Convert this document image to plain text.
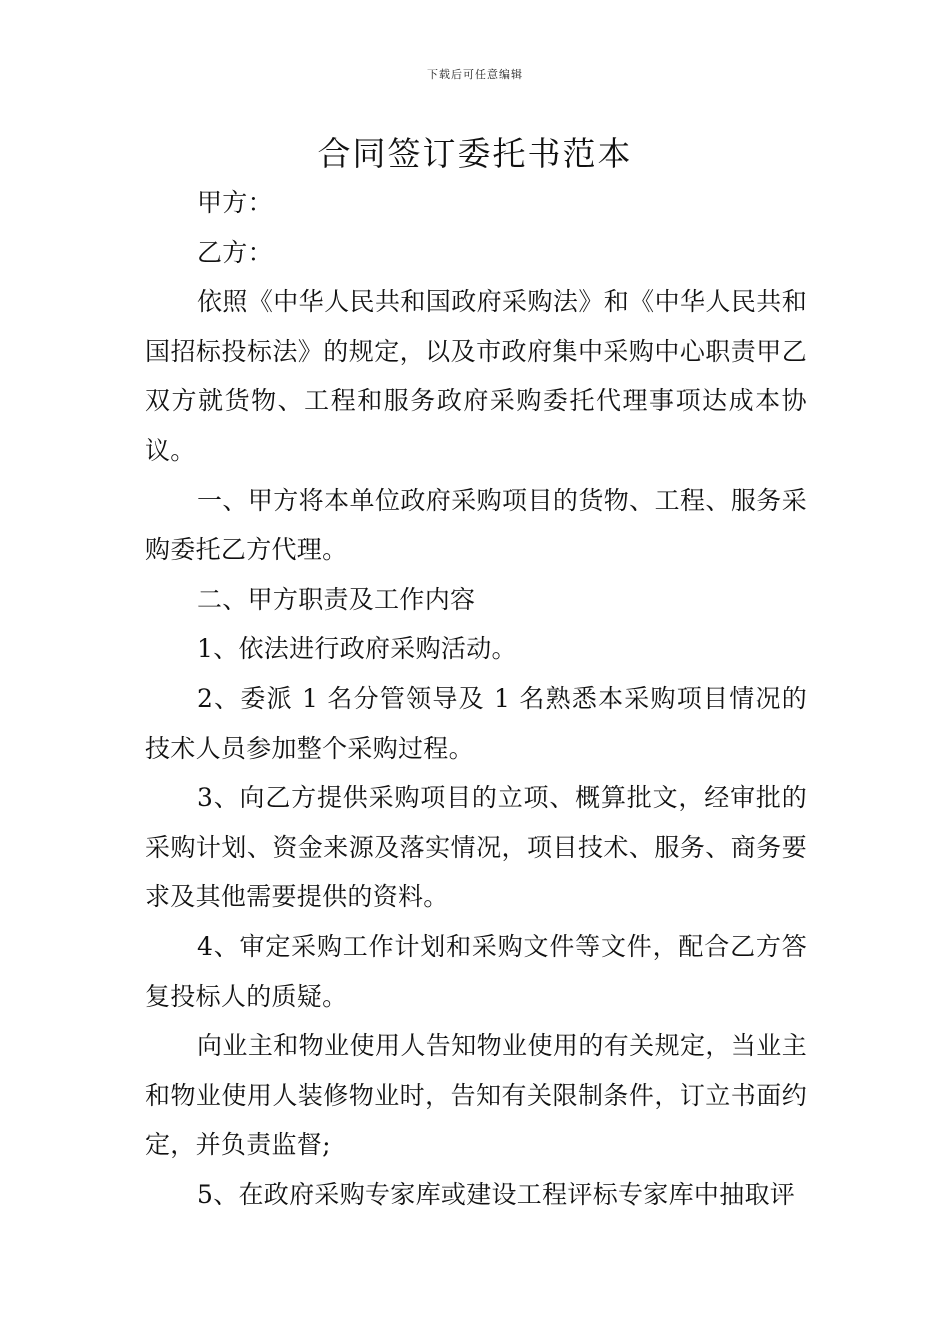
下载后可任意编辑
合同签订委托书范本

甲方：

乙方：

依照《中华人民共和国政府采购法》和《中华人民共和国招标投标法》的规定，以及市政府集中采购中心职责甲乙双方就货物、工程和服务政府采购委托代理事项达成本协议。

一、甲方将本单位政府采购项目的货物、工程、服务采购委托乙方代理。

二、甲方职责及工作内容

1、依法进行政府采购活动。

2、委派 1 名分管领导及 1 名熟悉本采购项目情况的技术人员参加整个采购过程。

3、向乙方提供采购项目的立项、概算批文，经审批的采购计划、资金来源及落实情况，项目技术、服务、商务要求及其他需要提供的资料。

4、审定采购工作计划和采购文件等文件，配合乙方答复投标人的质疑。

向业主和物业使用人告知物业使用的有关规定，当业主和物业使用人装修物业时，告知有关限制条件，订立书面约定，并负责监督;

5、在政府采购专家库或建设工程评标专家库中抽取评
